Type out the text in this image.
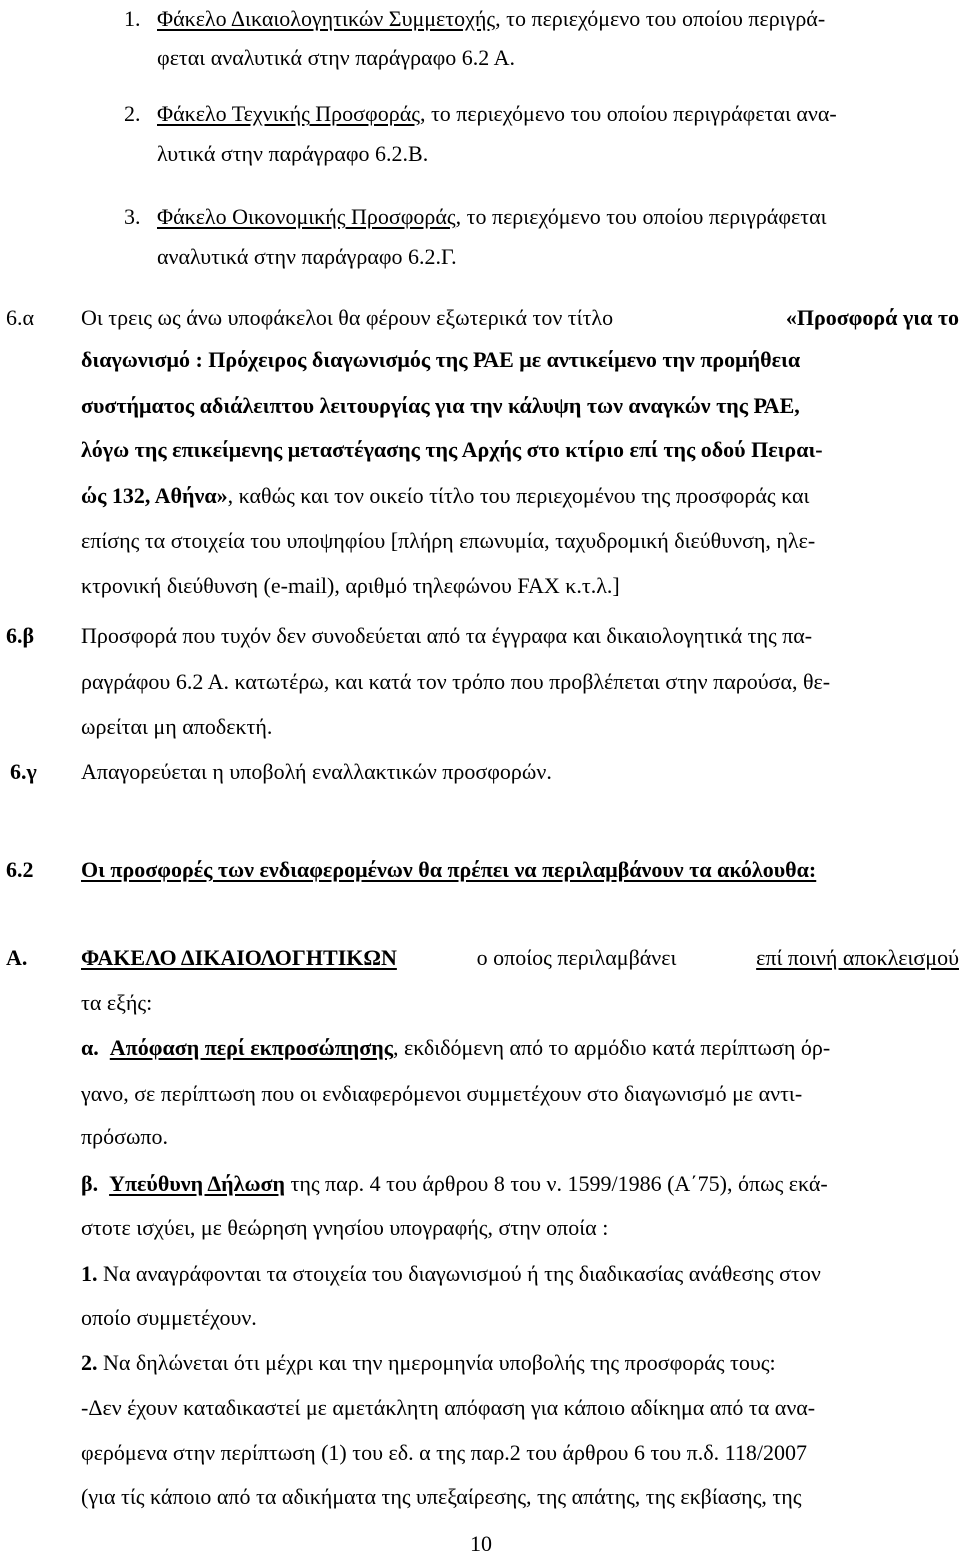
1. Φάκελο Δικαιολογητικών Συμμετοχής, το περιεχόμενο του οποίου περιγρά-
φεται αναλυτικά στην παράγραφο 6.2 Α.
2. Φάκελο Τεχνικής Προσφοράς, το περιεχόμενο του οποίου περιγράφεται ανα-
λυτικά στην παράγραφο 6.2.Β.
3. Φάκελο Οικονομικής Προσφοράς, το περιεχόμενο του οποίου περιγράφεται
αναλυτικά στην παράγραφο 6.2.Γ.
6.α Οι τρεις ως άνω υποφάκελοι θα φέρουν εξωτερικά τον τίτλο	«Προσφορά για το
διαγωνισμό : Πρόχειρος διαγωνισμός της ΡΑΕ με αντικείμενο την προμήθεια
συστήματος αδιάλειπτου λειτουργίας για την κάλυψη των αναγκών της ΡΑΕ,
λόγω της επικείμενης μεταστέγασης της Αρχής στο κτίριο επί της οδού Πειραι-
ώς 132, Αθήνα», καθώς και τον οικείο τίτλο του περιεχομένου της προσφοράς και
επίσης τα στοιχεία του υποψηφίου [πλήρη επωνυμία, ταχυδρομική διεύθυνση, ηλε-
κτρονική διεύθυνση (e-mail), αριθμό τηλεφώνου FAX κ.τ.λ.]
6.β Προσφορά που τυχόν δεν συνοδεύεται από τα έγγραφα και δικαιολογητικά της πα-
ραγράφου 6.2 Α. κατωτέρω, και κατά τον τρόπο που προβλέπεται στην παρούσα, θε-
ωρείται μη αποδεκτή.
6.γ Απαγορεύεται η υποβολή εναλλακτικών προσφορών.
6.2 Οι προσφορές των ενδιαφερομένων θα πρέπει να περιλαμβάνουν τα ακόλουθα:
Α. ΦΑΚΕΛΟ ΔΙΚΑΙΟΛΟΓΗΤΙΚΩΝ	ο οποίος περιλαμβάνει	επί ποινή αποκλεισμού
τα εξής:
α. Απόφαση περί εκπροσώπησης, εκδιδόμενη από το αρμόδιο κατά περίπτωση όρ-
γανο, σε περίπτωση που οι ενδιαφερόμενοι συμμετέχουν στο διαγωνισμό με αντι-
πρόσωπο.
β. Υπεύθυνη Δήλωση της παρ. 4 του άρθρου 8 του ν. 1599/1986 (Α΄75), όπως εκά-
στοτε ισχύει, με θεώρηση γνησίου υπογραφής, στην οποία :
1. Να αναγράφονται τα στοιχεία του διαγωνισμού ή της διαδικασίας ανάθεσης στον
οποίο συμμετέχουν.
2. Να δηλώνεται ότι μέχρι και την ημερομηνία υποβολής της προσφοράς τους:
-Δεν έχουν καταδικαστεί με αμετάκλητη απόφαση για κάποιο αδίκημα από τα ανα-
φερόμενα στην περίπτωση (1) του εδ. α της παρ.2 του άρθρου 6 του π.δ. 118/2007
(για τίς κάποιο από τα αδικήματα της υπεξαίρεσης, της απάτης, της εκβίασης, της
10
